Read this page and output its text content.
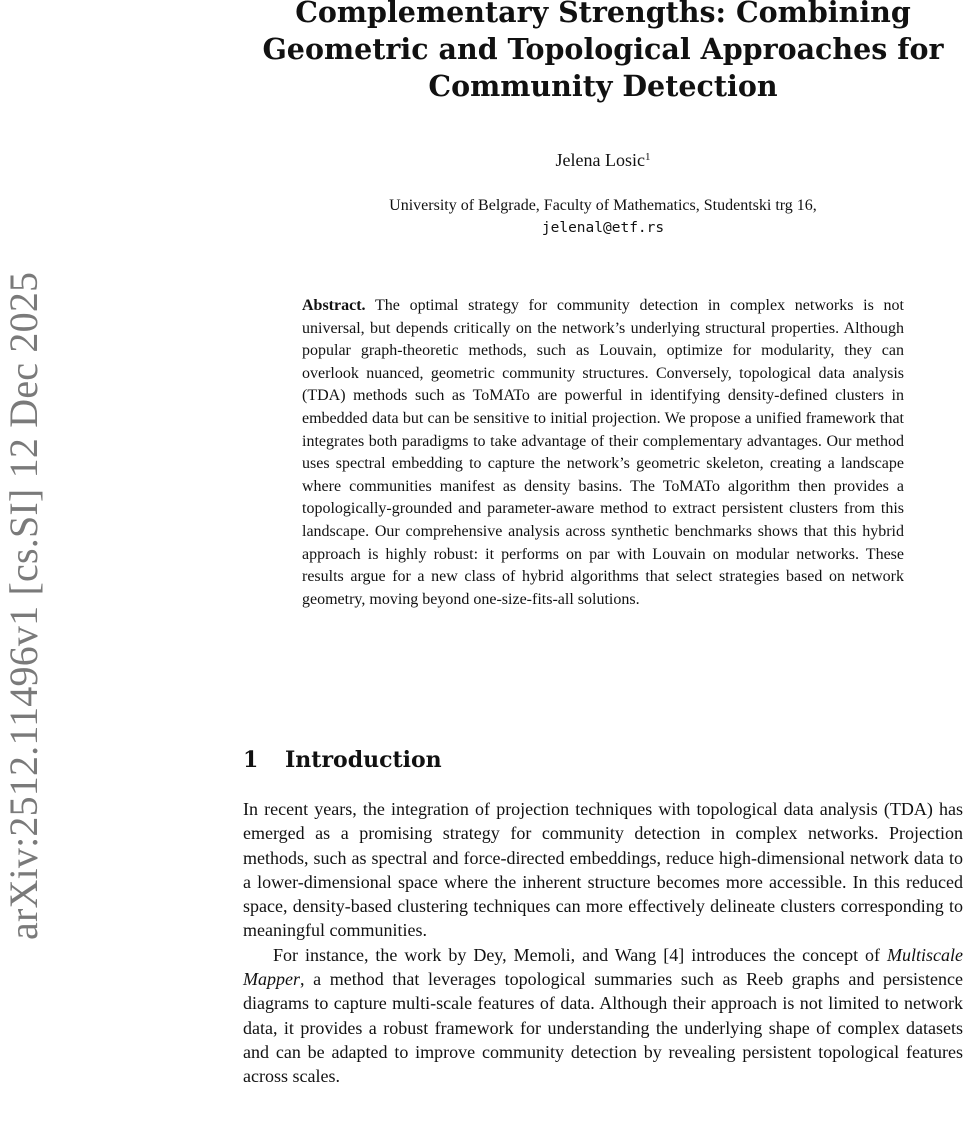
arXiv:2512.11496v1 [cs.SI] 12 Dec 2025
Complementary Strengths: Combining Geometric and Topological Approaches for Community Detection
Jelena Losic$^1$
University of Belgrade, Faculty of Mathematics, Studentski trg 16,
jelenal@etf.rs

Abstract. The optimal strategy for community detection in complex networks is not universal, but depends critically on the network’s underlying structural properties. Although popular graph-theoretic methods, such as Louvain, optimize for modularity, they can overlook nuanced, geometric community structures. Conversely, topological data analysis (TDA) methods such as ToMATo are powerful in identifying density-defined clusters in embedded data but can be sensitive to initial projection. We propose a unified framework that integrates both paradigms to take advantage of their complementary advantages. Our method uses spectral embedding to capture the network’s geometric skeleton, creating a landscape where communities manifest as density basins. The ToMATo algorithm then provides a topologically-grounded and parameter-aware method to extract persistent clusters from this landscape. Our comprehensive analysis across synthetic benchmarks shows that this hybrid approach is highly robust: it performs on par with Louvain on modular networks. These results argue for a new class of hybrid algorithms that select strategies based on network geometry, moving beyond one-size-fits-all solutions.

1 Introduction

In recent years, the integration of projection techniques with topological data analysis (TDA) has emerged as a promising strategy for community detection in complex networks. Projection methods, such as spectral and force-directed embeddings, reduce high-dimensional network data to a lower-dimensional space where the inherent structure becomes more accessible. In this reduced space, density-based clustering techniques can more effectively delineate clusters corresponding to meaningful communities.

For instance, the work by Dey, Memoli, and Wang [4] introduces the concept of Multiscale Mapper, a method that leverages topological summaries such as Reeb graphs and persistence diagrams to capture multi-scale features of data. Although their approach is not limited to network data, it provides a robust framework for understanding the underlying shape of complex datasets and can be adapted to improve community detection by revealing persistent topological features across scales.
